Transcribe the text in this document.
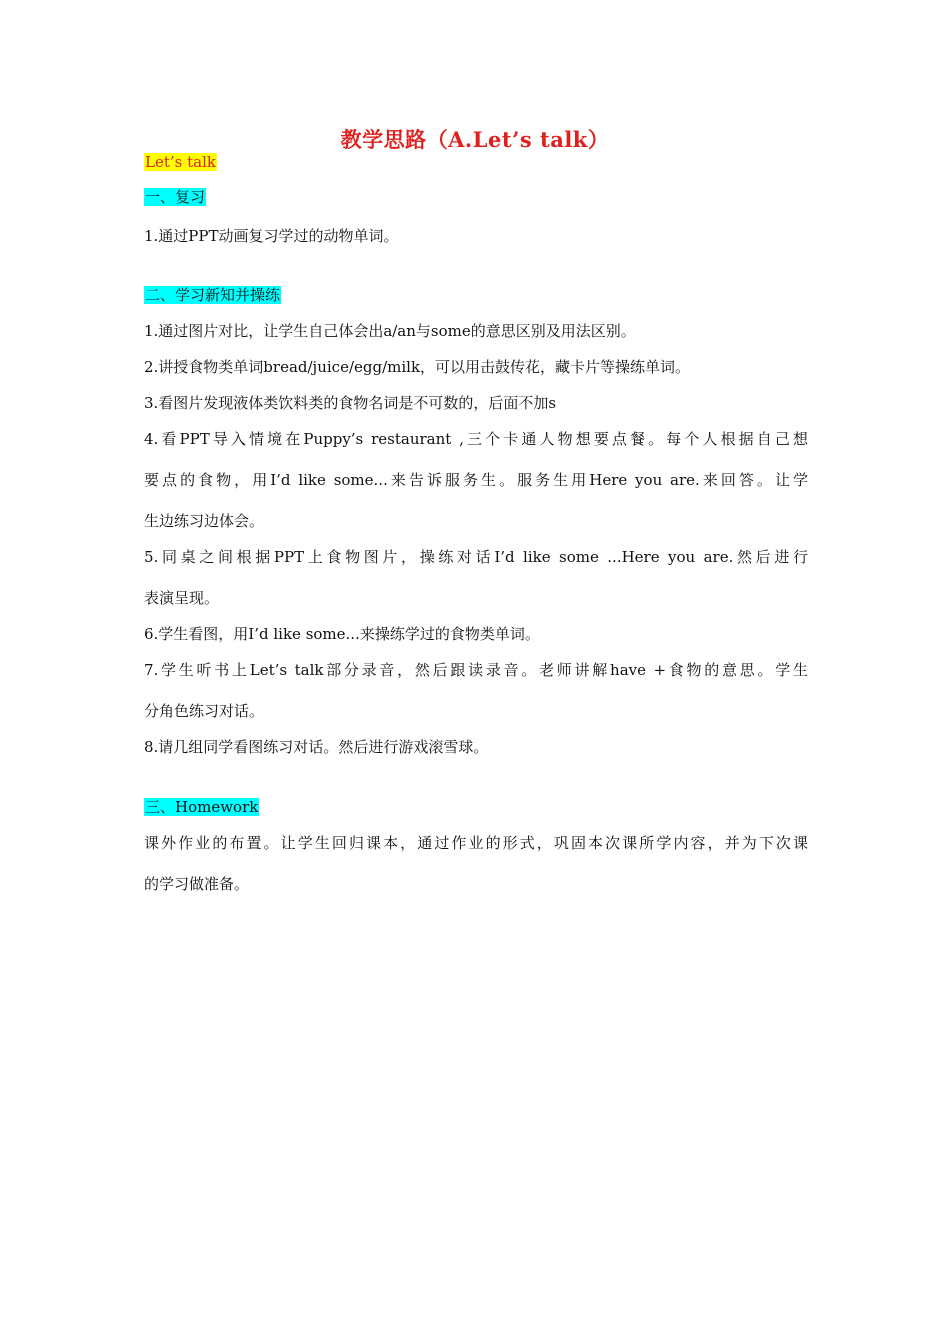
教学思路（A.Let’s talk）
Let’s talk
一、复习
1.通过PPT动画复习学过的动物单词。
二、学习新知并操练
1.通过图片对比，让学生自己体会出a/an与some的意思区别及用法区别。
2.讲授食物类单词bread/juice/egg/milk，可以用击鼓传花，藏卡片等操练单词。
3.看图片发现液体类饮料类的食物名词是不可数的，后面不加s
4.看PPT导入情境在Puppy’s restaurant ,三个卡通人物想要点餐。每个人根据自己想
要点的食物，用I’d like some...来告诉服务生。服务生用Here you are.来回答。让学
生边练习边体会。
5.同桌之间根据PPT上食物图片，操练对话I’d like some ...Here you are.然后进行
表演呈现。
6.学生看图，用I’d like some...来操练学过的食物类单词。
7.学生听书上Let’s talk部分录音，然后跟读录音。老师讲解have +食物的意思。学生
分角色练习对话。
8.请几组同学看图练习对话。然后进行游戏滚雪球。
三、Homework
课外作业的布置。让学生回归课本，通过作业的形式，巩固本次课所学内容，并为下次课
的学习做准备。
